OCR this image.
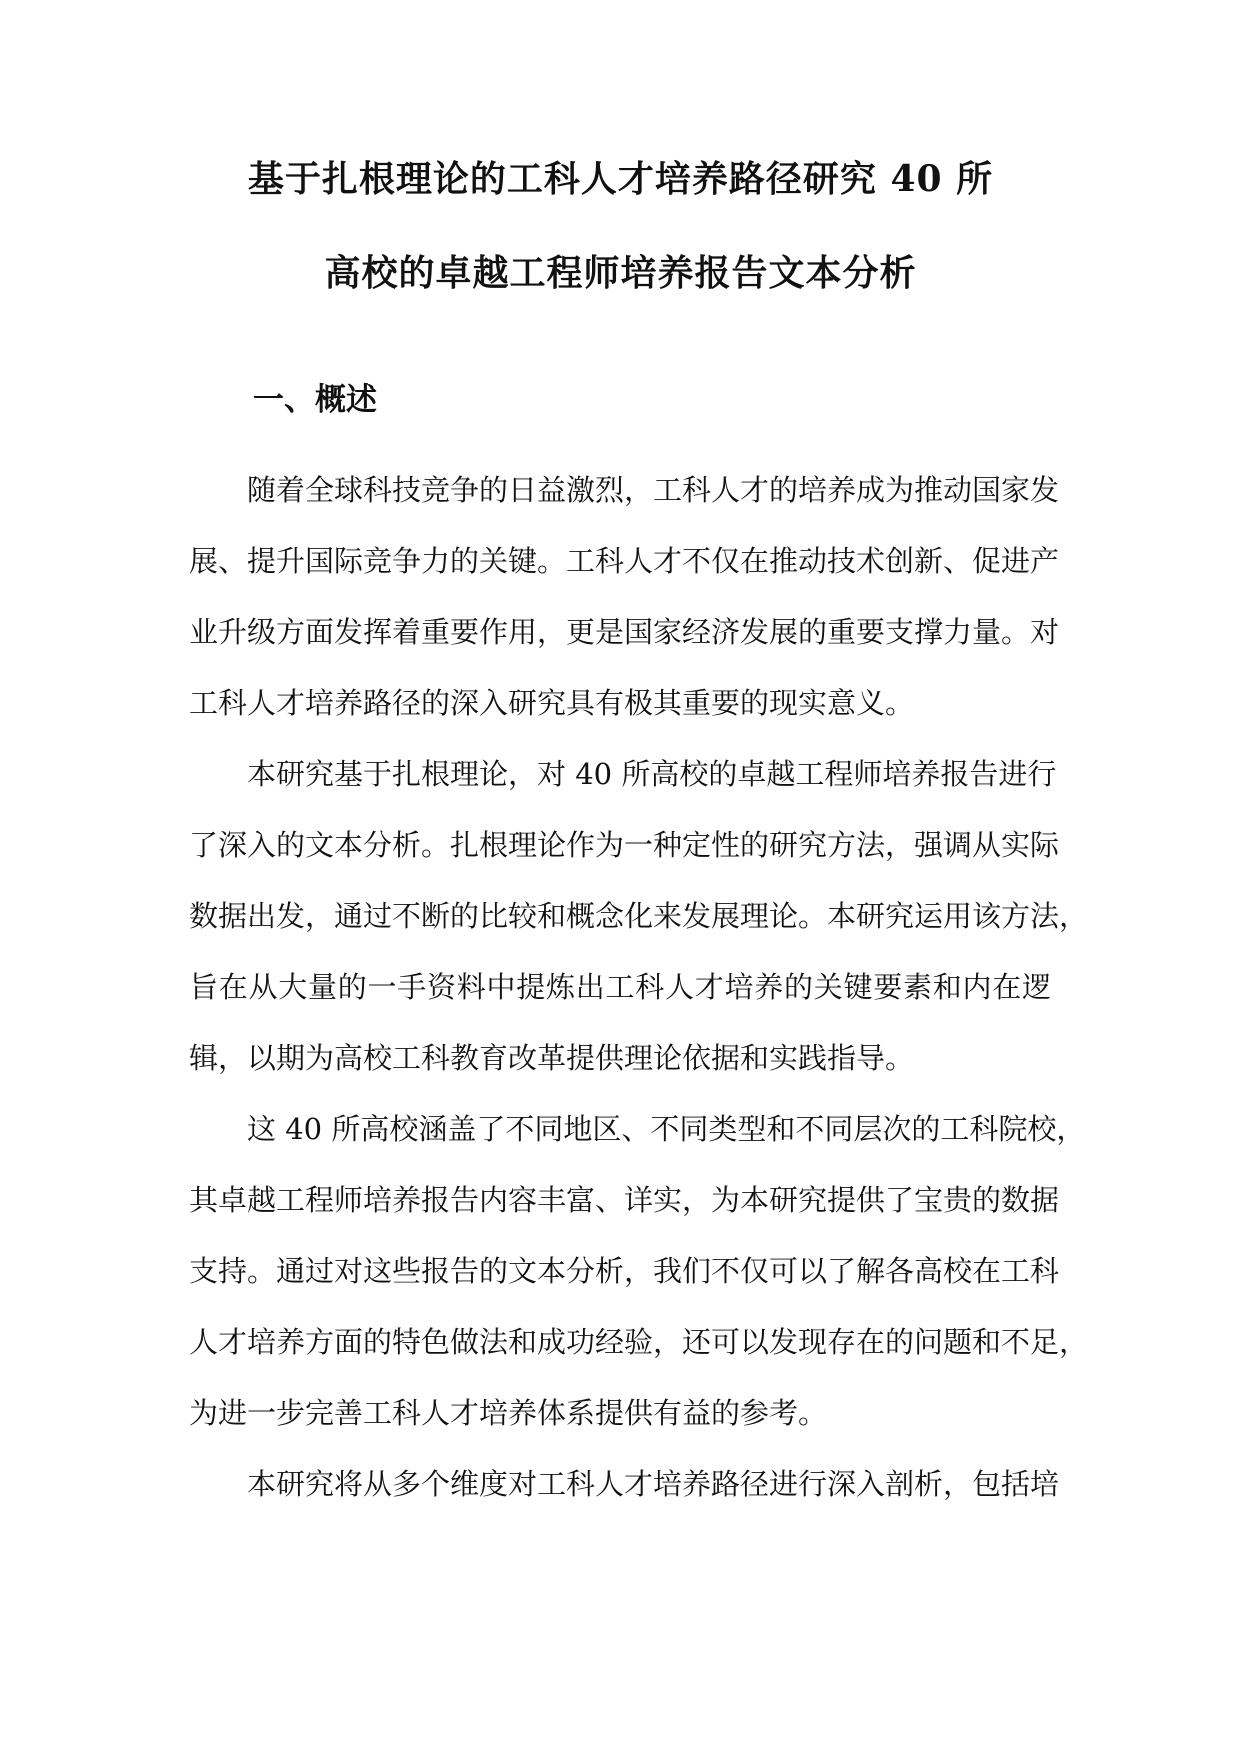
基于扎根理论的工科人才培养路径研究 40 所
高校的卓越工程师培养报告文本分析
一、概述
随着全球科技竞争的日益激烈，工科人才的培养成为推动国家发
展、提升国际竞争力的关键。工科人才不仅在推动技术创新、促进产
业升级方面发挥着重要作用，更是国家经济发展的重要支撑力量。对
工科人才培养路径的深入研究具有极其重要的现实意义。
本研究基于扎根理论，对 40 所高校的卓越工程师培养报告进行
了深入的文本分析。扎根理论作为一种定性的研究方法，强调从实际
数据出发，通过不断的比较和概念化来发展理论。本研究运用该方法，
旨在从大量的一手资料中提炼出工科人才培养的关键要素和内在逻
辑，以期为高校工科教育改革提供理论依据和实践指导。
这 40 所高校涵盖了不同地区、不同类型和不同层次的工科院校，
其卓越工程师培养报告内容丰富、详实，为本研究提供了宝贵的数据
支持。通过对这些报告的文本分析，我们不仅可以了解各高校在工科
人才培养方面的特色做法和成功经验，还可以发现存在的问题和不足，
为进一步完善工科人才培养体系提供有益的参考。
本研究将从多个维度对工科人才培养路径进行深入剖析，包括培
